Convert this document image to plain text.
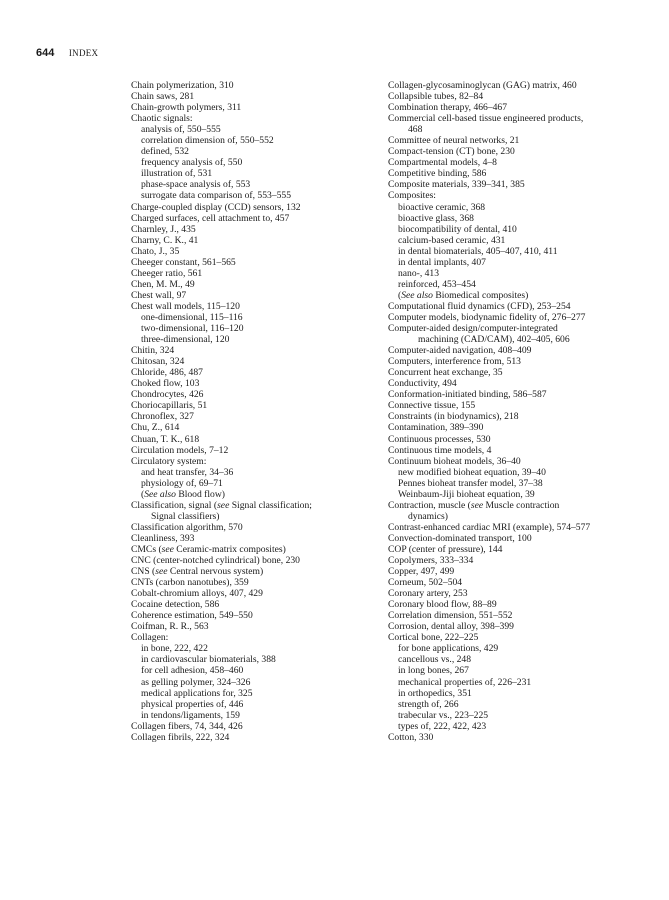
644 INDEX
Chain polymerization, 310
Chain saws, 281
Chain-growth polymers, 311
Chaotic signals:
analysis of, 550–555
correlation dimension of, 550–552
defined, 532
frequency analysis of, 550
illustration of, 531
phase-space analysis of, 553
surrogate data comparison of, 553–555
Charge-coupled display (CCD) sensors, 132
Charged surfaces, cell attachment to, 457
Charnley, J., 435
Charny, C. K., 41
Chato, J., 35
Cheeger constant, 561–565
Cheeger ratio, 561
Chen, M. M., 49
Chest wall, 97
Chest wall models, 115–120
one-dimensional, 115–116
two-dimensional, 116–120
three-dimensional, 120
Chitin, 324
Chitosan, 324
Chloride, 486, 487
Choked flow, 103
Chondrocytes, 426
Choriocapillaris, 51
Chronoflex, 327
Chu, Z., 614
Chuan, T. K., 618
Circulation models, 7–12
Circulatory system:
and heat transfer, 34–36
physiology of, 69–71
(See also Blood flow)
Classification, signal (see Signal classification;
Signal classifiers)
Classification algorithm, 570
Cleanliness, 393
CMCs (see Ceramic-matrix composites)
CNC (center-notched cylindrical) bone, 230
CNS (see Central nervous system)
CNTs (carbon nanotubes), 359
Cobalt-chromium alloys, 407, 429
Cocaine detection, 586
Coherence estimation, 549–550
Coifman, R. R., 563
Collagen:
in bone, 222, 422
in cardiovascular biomaterials, 388
for cell adhesion, 458–460
as gelling polymer, 324–326
medical applications for, 325
physical properties of, 446
in tendons/ligaments, 159
Collagen fibers, 74, 344, 426
Collagen fibrils, 222, 324
Collagen-glycosaminoglycan (GAG) matrix, 460
Collapsible tubes, 82–84
Combination therapy, 466–467
Commercial cell-based tissue engineered products,
468
Committee of neural networks, 21
Compact-tension (CT) bone, 230
Compartmental models, 4–8
Competitive binding, 586
Composite materials, 339–341, 385
Composites:
bioactive ceramic, 368
bioactive glass, 368
biocompatibility of dental, 410
calcium-based ceramic, 431
in dental biomaterials, 405–407, 410, 411
in dental implants, 407
nano-, 413
reinforced, 453–454
(See also Biomedical composites)
Computational fluid dynamics (CFD), 253–254
Computer models, biodynamic fidelity of, 276–277
Computer-aided design/computer-integrated
machining (CAD/CAM), 402–405, 606
Computer-aided navigation, 408–409
Computers, interference from, 513
Concurrent heat exchange, 35
Conductivity, 494
Conformation-initiated binding, 586–587
Connective tissue, 155
Constraints (in biodynamics), 218
Contamination, 389–390
Continuous processes, 530
Continuous time models, 4
Continuum bioheat models, 36–40
new modified bioheat equation, 39–40
Pennes bioheat transfer model, 37–38
Weinbaum-Jiji bioheat equation, 39
Contraction, muscle (see Muscle contraction
dynamics)
Contrast-enhanced cardiac MRI (example), 574–577
Convection-dominated transport, 100
COP (center of pressure), 144
Copolymers, 333–334
Copper, 497, 499
Corneum, 502–504
Coronary artery, 253
Coronary blood flow, 88–89
Correlation dimension, 551–552
Corrosion, dental alloy, 398–399
Cortical bone, 222–225
for bone applications, 429
cancellous vs., 248
in long bones, 267
mechanical properties of, 226–231
in orthopedics, 351
strength of, 266
trabecular vs., 223–225
types of, 222, 422, 423
Cotton, 330
